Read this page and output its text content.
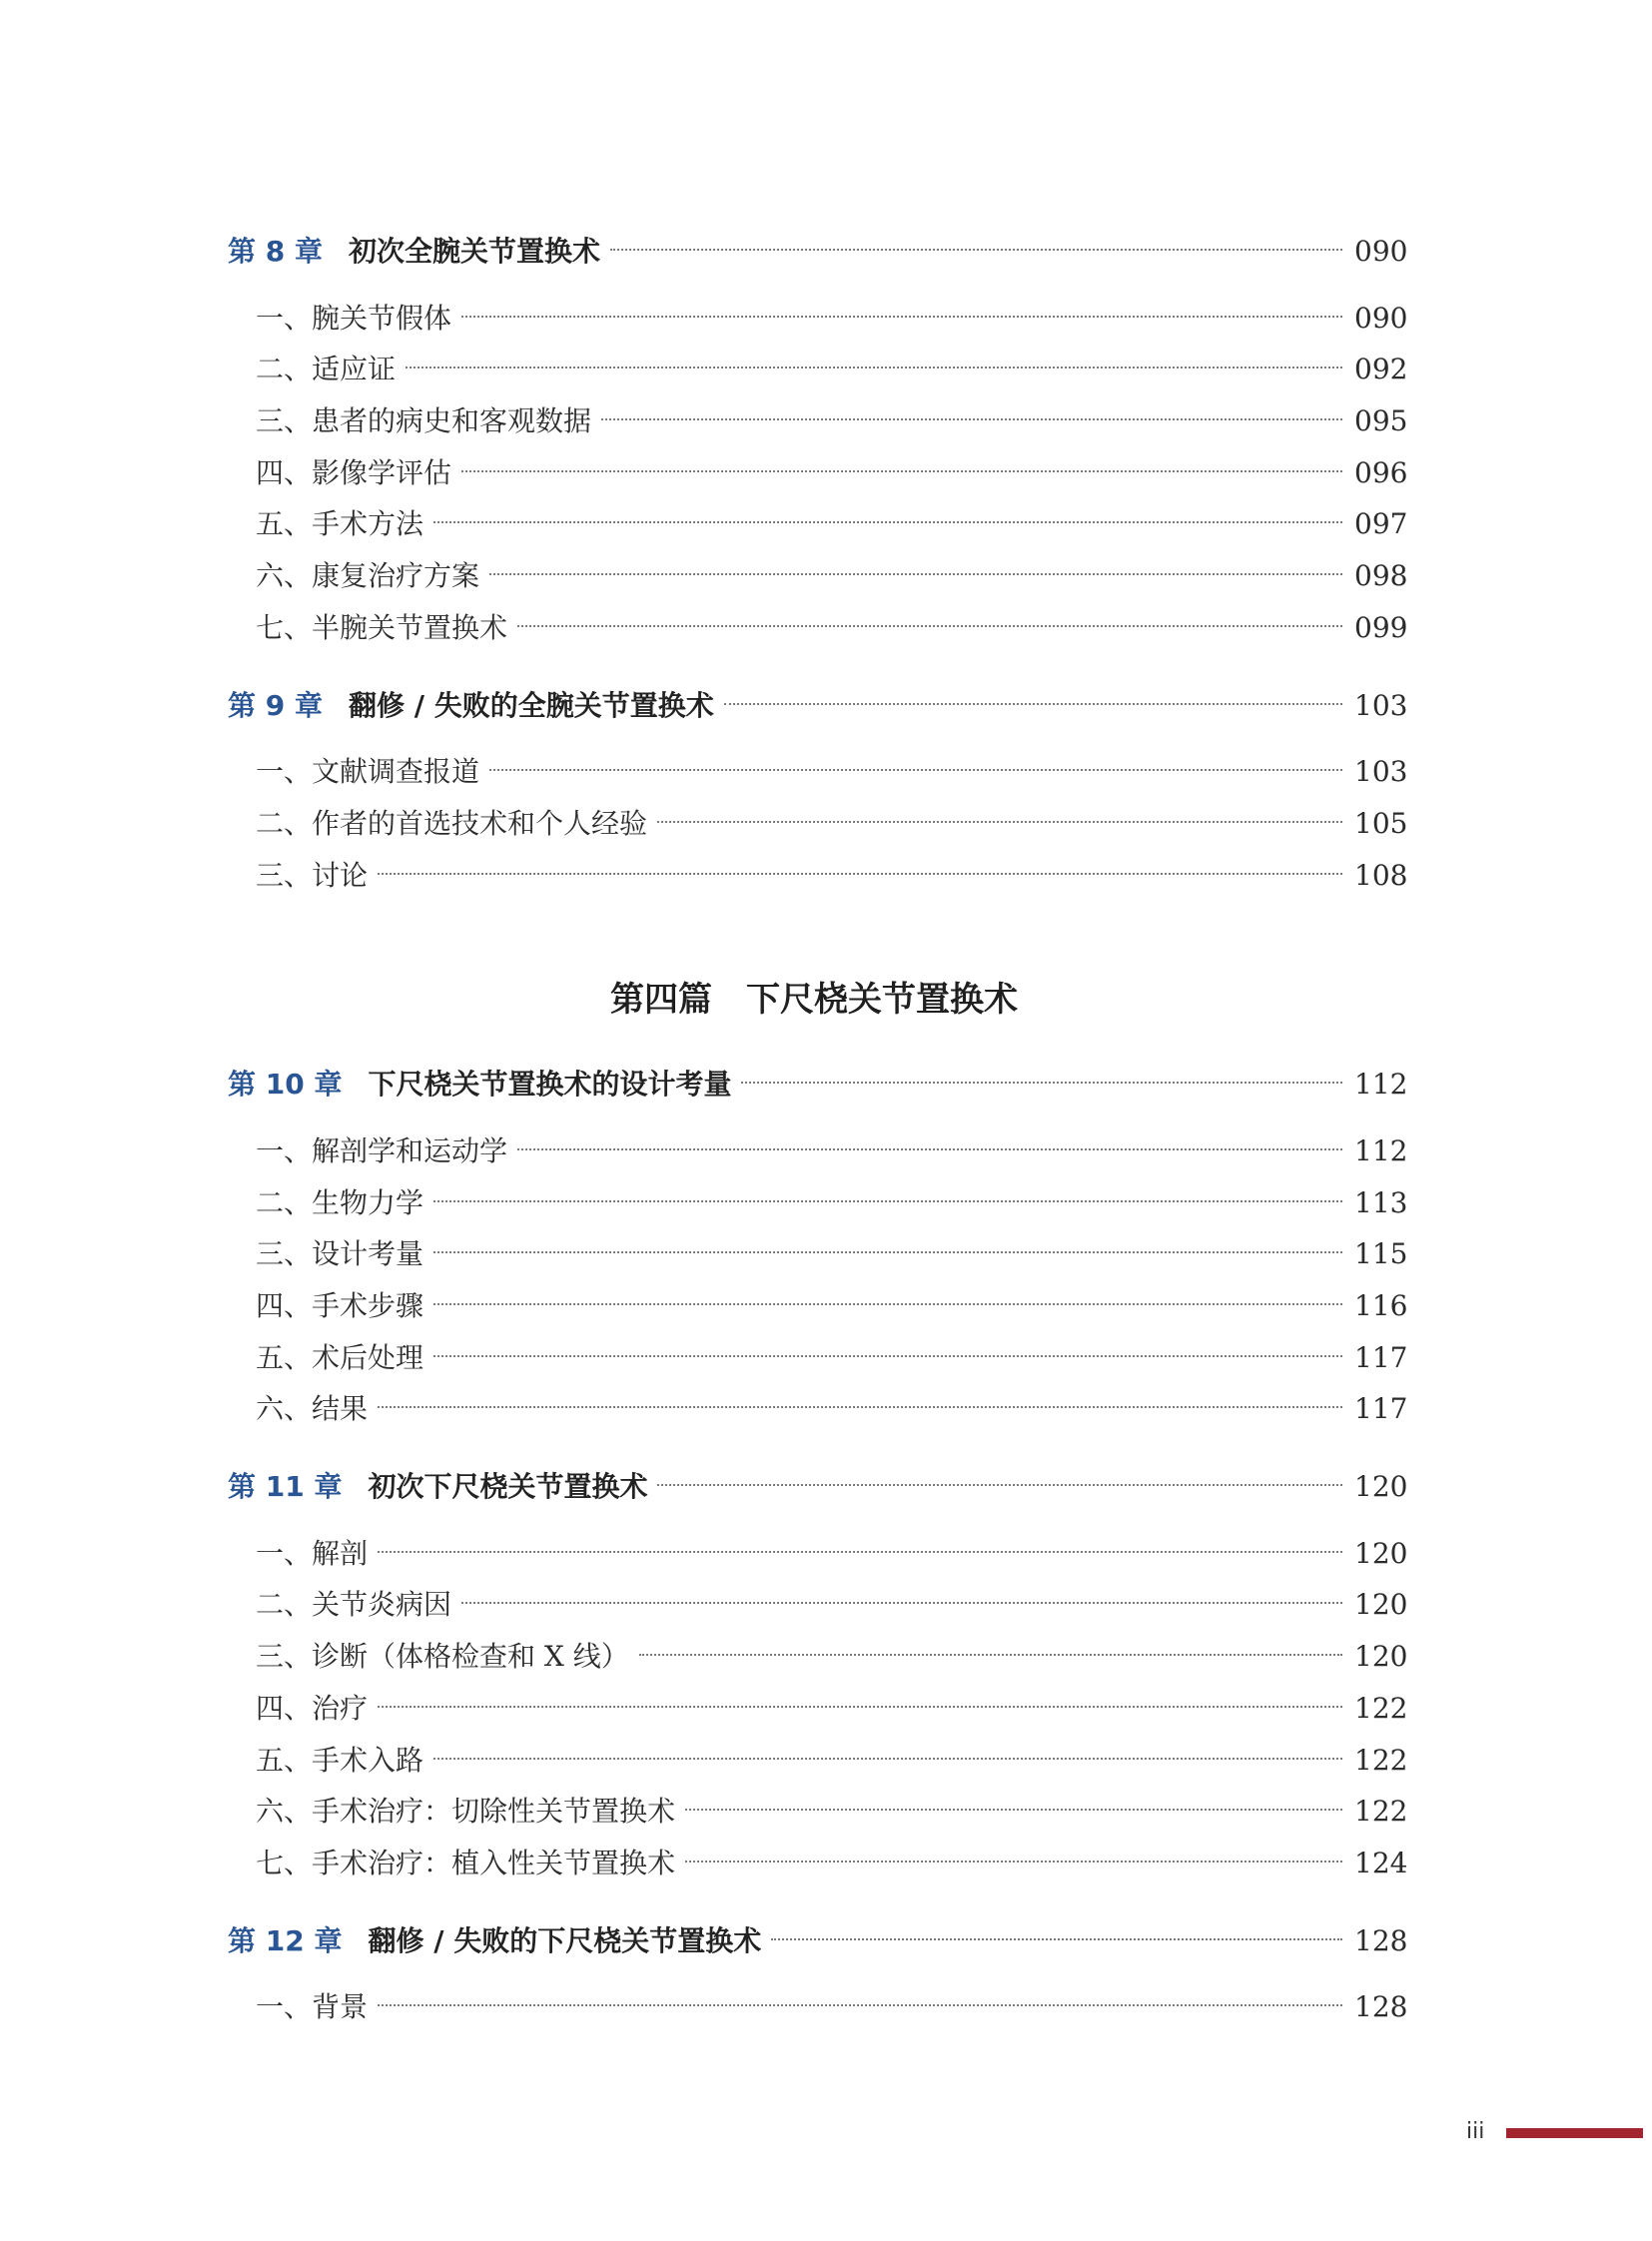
第 8 章 初次全腕关节置换术	090
一、腕关节假体	090
二、适应证	092
三、患者的病史和客观数据	095
四、影像学评估	096
五、手术方法	097
六、康复治疗方案	098
七、半腕关节置换术	099
第 9 章 翻修 / 失败的全腕关节置换术	103
一、文献调查报道	103
二、作者的首选技术和个人经验	105
三、讨论	108
第四篇　下尺桡关节置换术
第 10 章 下尺桡关节置换术的设计考量	112
一、解剖学和运动学	112
二、生物力学	113
三、设计考量	115
四、手术步骤	116
五、术后处理	117
六、结果	117
第 11 章 初次下尺桡关节置换术	120
一、解剖	120
二、关节炎病因	120
三、诊断（体格检查和 X 线）	120
四、治疗	122
五、手术入路	122
六、手术治疗：切除性关节置换术	122
七、手术治疗：植入性关节置换术	124
第 12 章 翻修 / 失败的下尺桡关节置换术	128
一、背景	128
iii
